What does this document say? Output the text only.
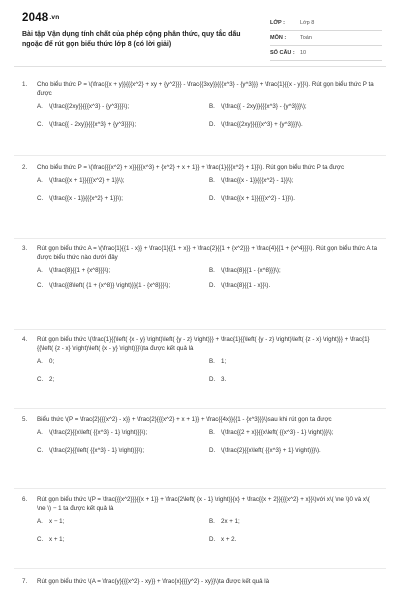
2048.vn
Bài tập Vận dụng tính chất của phép cộng phân thức, quy tắc dấu ngoặc để rút gọn biểu thức lớp 8 (có lời giải)
LỚP :	Lớp 8
MÔN :	Toán
SỐ CÂU : 10
1.	Cho biểu thức P = \(\frac{{x + y}}{{{x^2} + xy + {y^2}}} - \frac{{3xy}}{{{x^3} - {y^3}}} + \frac{1}{{x - y}}\). Rút gọn biểu thức P ta được
A. \(\frac{{2xy}}{{{x^3} - {y^3}}}\);	B. \(\frac{{ - 2xy}}{{{x^3} - {y^3}}}\);
C. \(\frac{{ - 2xy}}{{{x^3} + {y^3}}}\);	D. \(\frac{{2xy}}{{{x^3} + {y^3}}}\).
2.	Cho biểu thức P = \(\frac{{{x^2} + x}}{{{x^3} + {x^2} + x + 1}} + \frac{1}{{{x^2} + 1}}\). Rút gọn biểu thức P ta được
A. \(\frac{{x + 1}}{{{x^2} + 1}}\);	B. \(\frac{{x - 1}}{{{x^2} - 1}}\);
C. \(\frac{{x - 1}}{{{x^2} + 1}}\);	D. \(\frac{{x + 1}}{{{x^2} - 1}}\).
3.	Rút gọn biểu thức A = \(\frac{1}{{1 - x}} + \frac{1}{{1 + x}} + \frac{2}{{1 + {x^2}}} + \frac{4}{{1 + {x^4}}}\). Rút gọn biểu thức A ta được biểu thức nào dưới đây
A. \(\frac{8}{{1 + {x^8}}}\);	B. \(\frac{8}{{1 - {x^8}}}\);
C. \(\frac{{8\left( {1 + {x^8}} \right)}}{1 - {x^8}}}\);	D. \(\frac{8}{{1 - x}}\).
4.	Rút gọn biểu thức \(\frac{1}{{\left( {x - y} \right)\left( {y - z} \right)}} + \frac{1}{{\left( {y - z} \right)\left( {z - x} \right)}} + \frac{1}{{\left( {z - x} \right)\left( {x - y} \right)}}\)ta được kết quả là
A. 0;	B. 1;
C. 2;	D. 3.
5.	Biểu thức \(P = \frac{2}{{{x^2} - x}} + \frac{2}{{{x^2} + x + 1}} + \frac{{4x}}{{1 - {x^3}}}\)sau khi rút gọn ta được
A. \(\frac{2}{{x\left( {{x^3} - 1} \right)}}\);	B. \(\frac{{2 + x}}{{x\left( {{x^3} - 1} \right)}}\);
C. \(\frac{2}{{\left( {{x^3} - 1} \right)}}\);	D. \(\frac{2}{{x\left( {{x^3} + 1} \right)}}\).
6.	Rút gọn biểu thức \(P = \frac{{{x^2}}}{{x + 1}} + \frac{2\left( {x - 1} \right)}{x} + \frac{{x + 2}}{{{x^2} + x}}\)với x\( \ne \)0 và x\( \ne \) − 1 ta được kết quả là
A. x − 1;	B. 2x + 1;
C. x + 1;	D. x + 2.
7.	Rút gọn biểu thức \(A = \frac{y}{{{x^2} - xy}} + \frac{x}{{{y^2} - xy}}\)ta được kết quả là
